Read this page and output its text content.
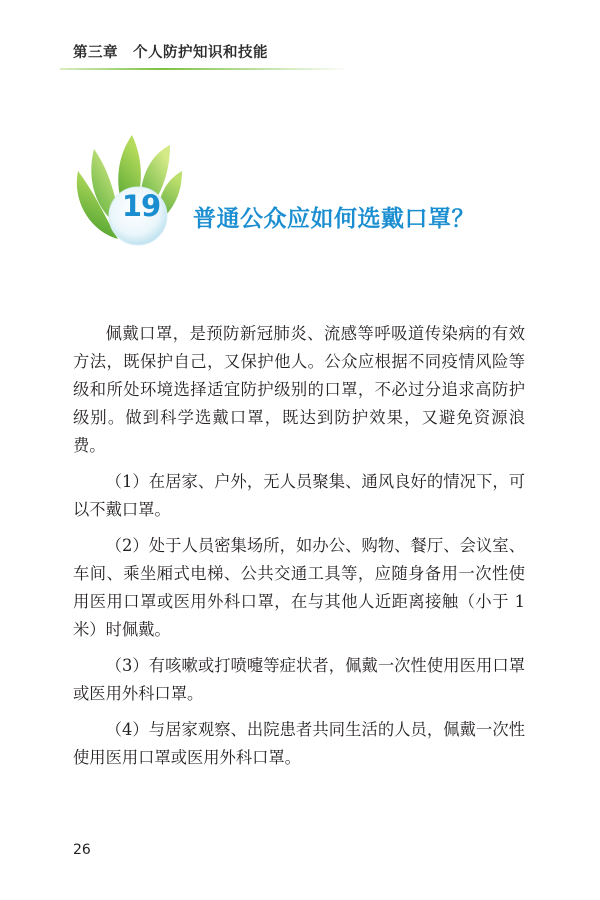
第三章　个人防护知识和技能
19	普通公众应如何选戴口罩？

佩戴口罩，是预防新冠肺炎、流感等呼吸道传染病的有效方法，既保护自己，又保护他人。公众应根据不同疫情风险等级和所处环境选择适宜防护级别的口罩，不必过分追求高防护级别。做到科学选戴口罩，既达到防护效果，又避免资源浪费。

（1）在居家、户外，无人员聚集、通风良好的情况下，可以不戴口罩。

（2）处于人员密集场所，如办公、购物、餐厅、会议室、车间、乘坐厢式电梯、公共交通工具等，应随身备用一次性使用医用口罩或医用外科口罩，在与其他人近距离接触（小于 1 米）时佩戴。

（3）有咳嗽或打喷嚏等症状者，佩戴一次性使用医用口罩或医用外科口罩。

（4）与居家观察、出院患者共同生活的人员，佩戴一次性使用医用口罩或医用外科口罩。

26
